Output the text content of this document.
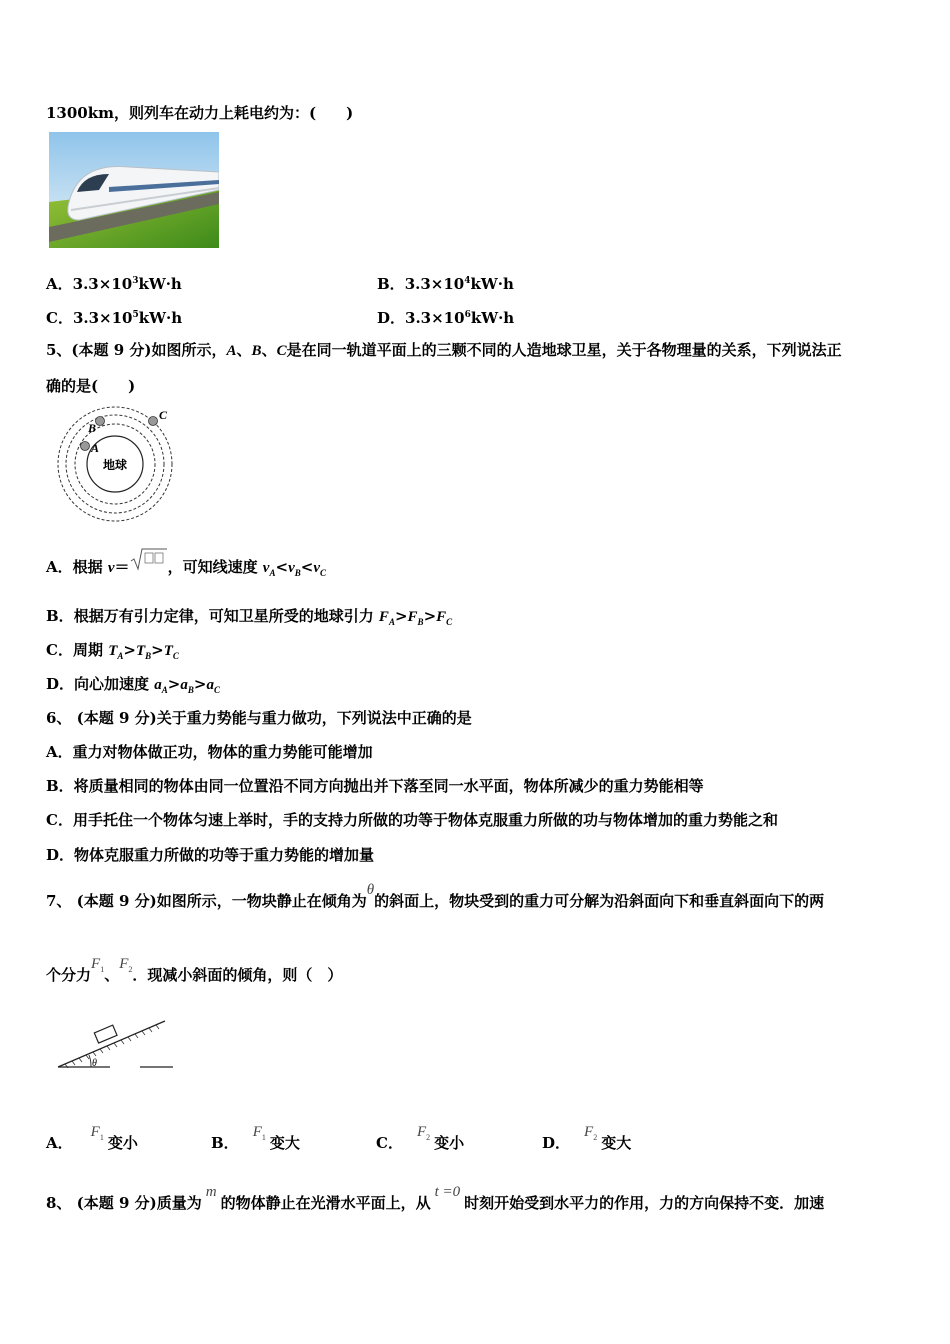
1300km，则列车在动力上耗电约为：(　　)
A．$3.3\times 10^3kW\cdot h$	B．$3.3\times 10^4kW\cdot h$
C．$3.3\times 10^5kW\cdot h$	D．$3.3\times 10^6kW\cdot h$
5、(本题 9 分)如图所示，A、B、C是在同一轨道平面上的三颗不同的人造地球卫星，关于各物理量的关系，下列说法正
确的是(　　)
地球
A
B
C
A．根据 v＝	，可知线速度 $v_A<v_B<v_C$
B．根据万有引力定律，可知卫星所受的地球引力 $F_A>F_B>F_C$
C．周期 $T_A>T_B>T_C$
D．向心加速度 $a_A>a_B>a_C$
6、 (本题 9 分)关于重力势能与重力做功，下列说法中正确的是
A．重力对物体做正功，物体的重力势能可能增加
B．将质量相同的物体由同一位置沿不同方向抛出并下落至同一水平面，物体所减少的重力势能相等
C．用手托住一个物体匀速上举时，手的支持力所做的功等于物体克服重力所做的功与物体增加的重力势能之和
D．物体克服重力所做的功等于重力势能的增加量
7、 (本题 9 分)如图所示，一物块静止在倾角为θ的斜面上，物块受到的重力可分解为沿斜面向下和垂直斜面向下的两
个分力$F_1$、$F_2$．现减小斜面的倾角，则（　）
θ
A．$F_1$ 变小	B．$F_1$ 变大	C．$F_2$ 变小	D．$F_2$ 变大
8、 (本题 9 分)质量为m的物体静止在光滑水平面上，从t =0时刻开始受到水平力的作用，力的方向保持不变．加速
